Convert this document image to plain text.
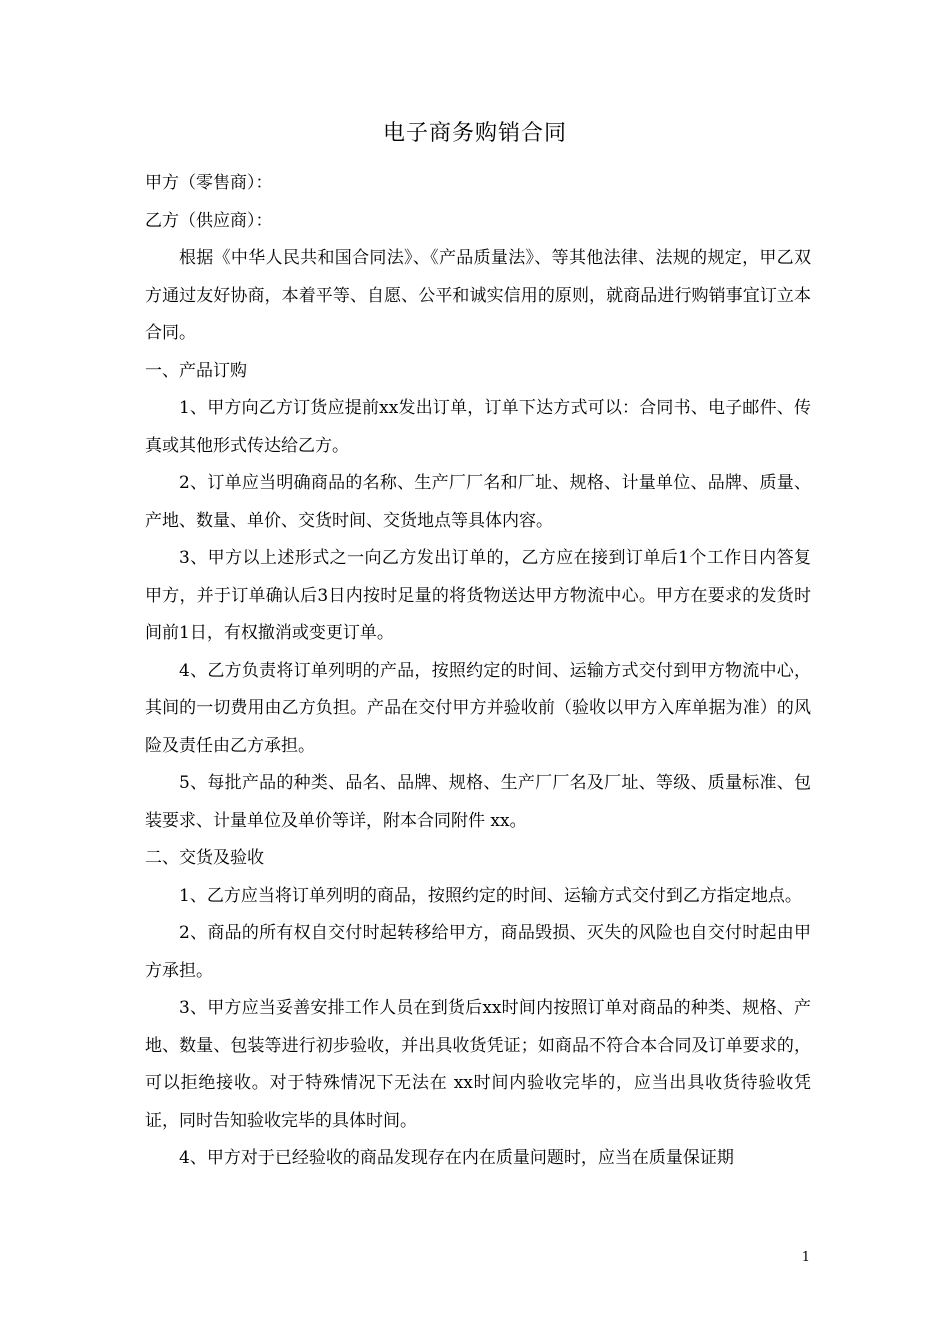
电子商务购销合同

甲方（零售商）：

乙方（供应商）：

根据《中华人民共和国合同法》、《产品质量法》、等其他法律、法规的规定，甲乙双方通过友好协商，本着平等、自愿、公平和诚实信用的原则，就商品进行购销事宜订立本合同。

一、产品订购

1、甲方向乙方订货应提前xx发出订单，订单下达方式可以：合同书、电子邮件、传真或其他形式传达给乙方。

2、订单应当明确商品的名称、生产厂厂名和厂址、规格、计量单位、品牌、质量、产地、数量、单价、交货时间、交货地点等具体内容。

3、甲方以上述形式之一向乙方发出订单的，乙方应在接到订单后1个工作日内答复甲方，并于订单确认后3日内按时足量的将货物送达甲方物流中心。甲方在要求的发货时间前1日，有权撤消或变更订单。

4、乙方负责将订单列明的产品，按照约定的时间、运输方式交付到甲方物流中心，其间的一切费用由乙方负担。产品在交付甲方并验收前（验收以甲方入库单据为准）的风险及责任由乙方承担。

5、每批产品的种类、品名、品牌、规格、生产厂厂名及厂址、等级、质量标准、包装要求、计量单位及单价等详，附本合同附件 xx。

二、交货及验收

1、乙方应当将订单列明的商品，按照约定的时间、运输方式交付到乙方指定地点。

2、商品的所有权自交付时起转移给甲方，商品毁损、灭失的风险也自交付时起由甲方承担。

3、甲方应当妥善安排工作人员在到货后xx时间内按照订单对商品的种类、规格、产地、数量、包装等进行初步验收，并出具收货凭证；如商品不符合本合同及订单要求的，可以拒绝接收。对于特殊情况下无法在 xx时间内验收完毕的，应当出具收货待验收凭证，同时告知验收完毕的具体时间。

4、甲方对于已经验收的商品发现存在内在质量问题时，应当在质量保证期

1
